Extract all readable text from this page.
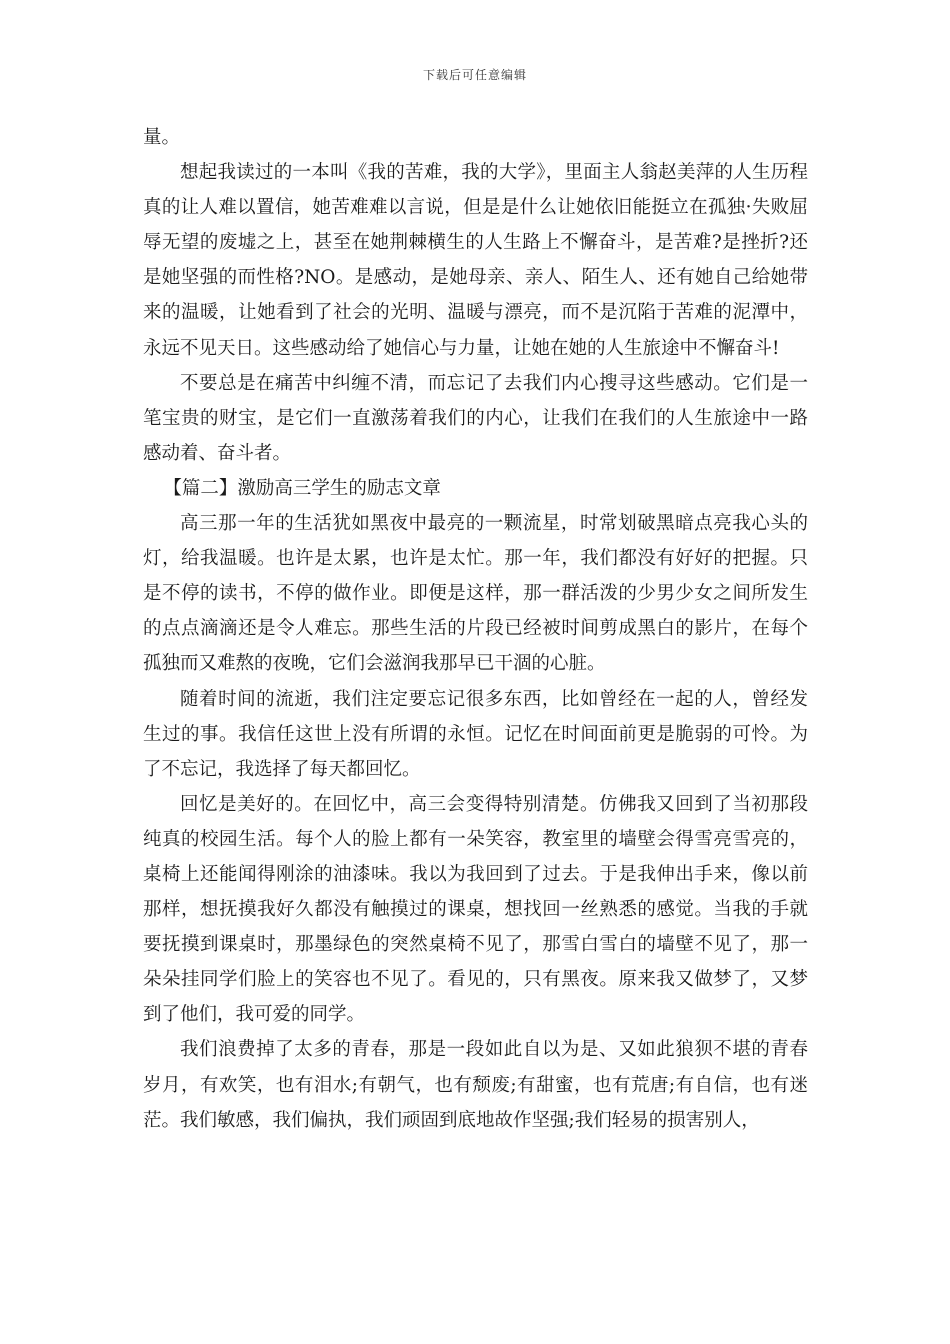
下载后可任意编辑

量。

想起我读过的一本叫《我的苦难，我的大学》，里面主人翁赵美萍的人生历程真的让人难以置信，她苦难难以言说，但是是什么让她依旧能挺立在孤独·失败屈辱无望的废墟之上，甚至在她荆棘横生的人生路上不懈奋斗，是苦难?是挫折?还是她坚强的而性格?NO。是感动，是她母亲、亲人、陌生人、还有她自己给她带来的温暖，让她看到了社会的光明、温暖与漂亮，而不是沉陷于苦难的泥潭中，永远不见天日。这些感动给了她信心与力量，让她在她的人生旅途中不懈奋斗!

不要总是在痛苦中纠缠不清，而忘记了去我们内心搜寻这些感动。它们是一笔宝贵的财宝，是它们一直激荡着我们的内心，让我们在我们的人生旅途中一路感动着、奋斗者。

【篇二】激励高三学生的励志文章

高三那一年的生活犹如黑夜中最亮的一颗流星，时常划破黑暗点亮我心头的灯，给我温暖。也许是太累，也许是太忙。那一年，我们都没有好好的把握。只是不停的读书，不停的做作业。即便是这样，那一群活泼的少男少女之间所发生的点点滴滴还是令人难忘。那些生活的片段已经被时间剪成黑白的影片，在每个孤独而又难熬的夜晚，它们会滋润我那早已干涸的心脏。

随着时间的流逝，我们注定要忘记很多东西，比如曾经在一起的人，曾经发生过的事。我信任这世上没有所谓的永恒。记忆在时间面前更是脆弱的可怜。为了不忘记，我选择了每天都回忆。

回忆是美好的。在回忆中，高三会变得特别清楚。仿佛我又回到了当初那段纯真的校园生活。每个人的脸上都有一朵笑容，教室里的墙壁会得雪亮雪亮的，桌椅上还能闻得刚涂的油漆味。我以为我回到了过去。于是我伸出手来，像以前那样，想抚摸我好久都没有触摸过的课桌，想找回一丝熟悉的感觉。当我的手就要抚摸到课桌时，那墨绿色的突然桌椅不见了，那雪白雪白的墙壁不见了，那一朵朵挂同学们脸上的笑容也不见了。看见的，只有黑夜。原来我又做梦了，又梦到了他们，我可爱的同学。

我们浪费掉了太多的青春，那是一段如此自以为是、又如此狼狈不堪的青春岁月，有欢笑，也有泪水;有朝气，也有颓废;有甜蜜，也有荒唐;有自信，也有迷茫。我们敏感，我们偏执，我们顽固到底地故作坚强;我们轻易的损害别人，
